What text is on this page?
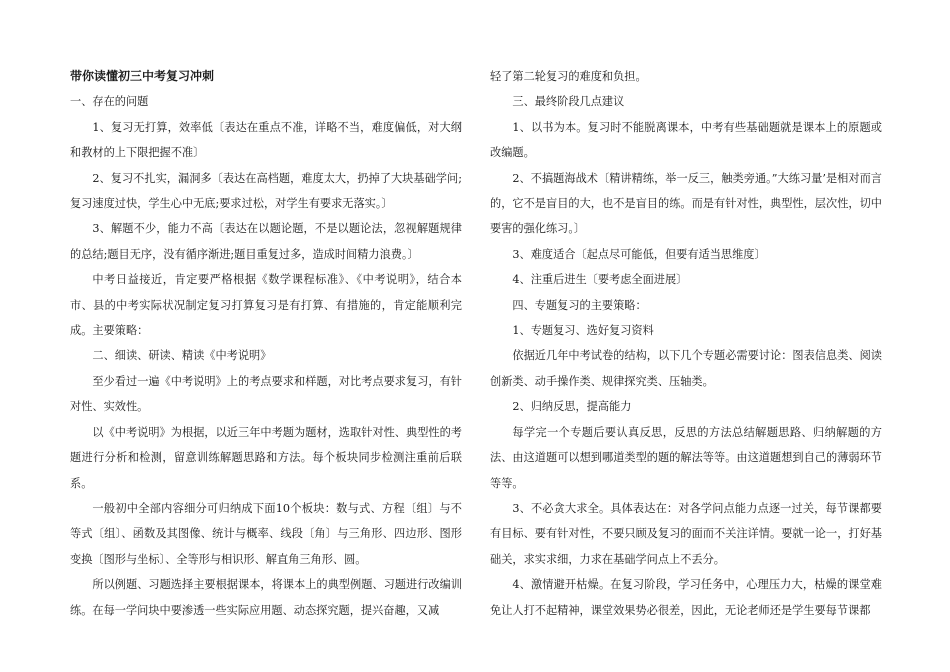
带你读懂初三中考复习冲刺

一、存在的问题

1、复习无打算，效率低〔表达在重点不准，详略不当，难度偏低，对大纲和教材的上下限把握不准〕

2、复习不扎实，漏洞多〔表达在高档题，难度太大，扔掉了大块基础学问;复习速度过快，学生心中无底;要求过松，对学生有要求无落实。〕

3、解题不少，能力不高〔表达在以题论题，不是以题论法，忽视解题规律的总结;题目无序，没有循序渐进;题目重复过多，造成时间精力浪费。〕

中考日益接近，肯定要严格根据《数学课程标准》、《中考说明》，结合本市、县的中考实际状况制定复习打算复习是有打算、有措施的，肯定能顺利完成。主要策略：

二、细读、研读、精读《中考说明》

至少看过一遍《中考说明》上的考点要求和样题，对比考点要求复习，有针对性、实效性。

以《中考说明》为根据，以近三年中考题为题材，选取针对性、典型性的考题进行分析和检测，留意训练解题思路和方法。每个板块同步检测注重前后联系。

一般初中全部内容细分可归纳成下面10个板块：数与式、方程〔组〕与不等式〔组〕、函数及其图像、统计与概率、线段〔角〕与三角形、四边形、图形变换〔图形与坐标〕、全等形与相识形、解直角三角形、圆。

所以例题、习题选择主要根据课本，将课本上的典型例题、习题进行改编训练。在每一学问块中要渗透一些实际应用题、动态探究题，提兴奋趣，又减

轻了第二轮复习的难度和负担。

三、最终阶段几点建议

1、以书为本。复习时不能脱离课本，中考有些基础题就是课本上的原题或改编题。

2、不搞题海战术〔精讲精练，举一反三，触类旁通。”大练习量’是相对而言的，它不是盲目的大，也不是盲目的练。而是有针对性，典型性，层次性，切中要害的强化练习。〕

3、难度适合〔起点尽可能低，但要有适当思维度〕

4、注重后进生〔要考虑全面进展〕

四、专题复习的主要策略：

1、专题复习、选好复习资料

依据近几年中考试卷的结构，以下几个专题必需要讨论：图表信息类、阅读创新类、动手操作类、规律探究类、压轴类。

2、归纳反思，提高能力

每学完一个专题后要认真反思，反思的方法总结解题思路、归纳解题的方法、由这道题可以想到哪道类型的题的解法等等。由这道题想到自己的薄弱环节等等。

3、不必贪大求全。具体表达在：对各学问点能力点逐一过关，每节课都要有目标、要有针对性，不要只顾及复习的面而不关注详情。要就一论一，打好基础关，求实求细，力求在基础学问点上不丢分。

4、激情避开枯燥。在复习阶段，学习任务中，心理压力大，枯燥的课堂难免让人打不起精神，课堂效果势必很差，因此，无论老师还是学生要每节课都
